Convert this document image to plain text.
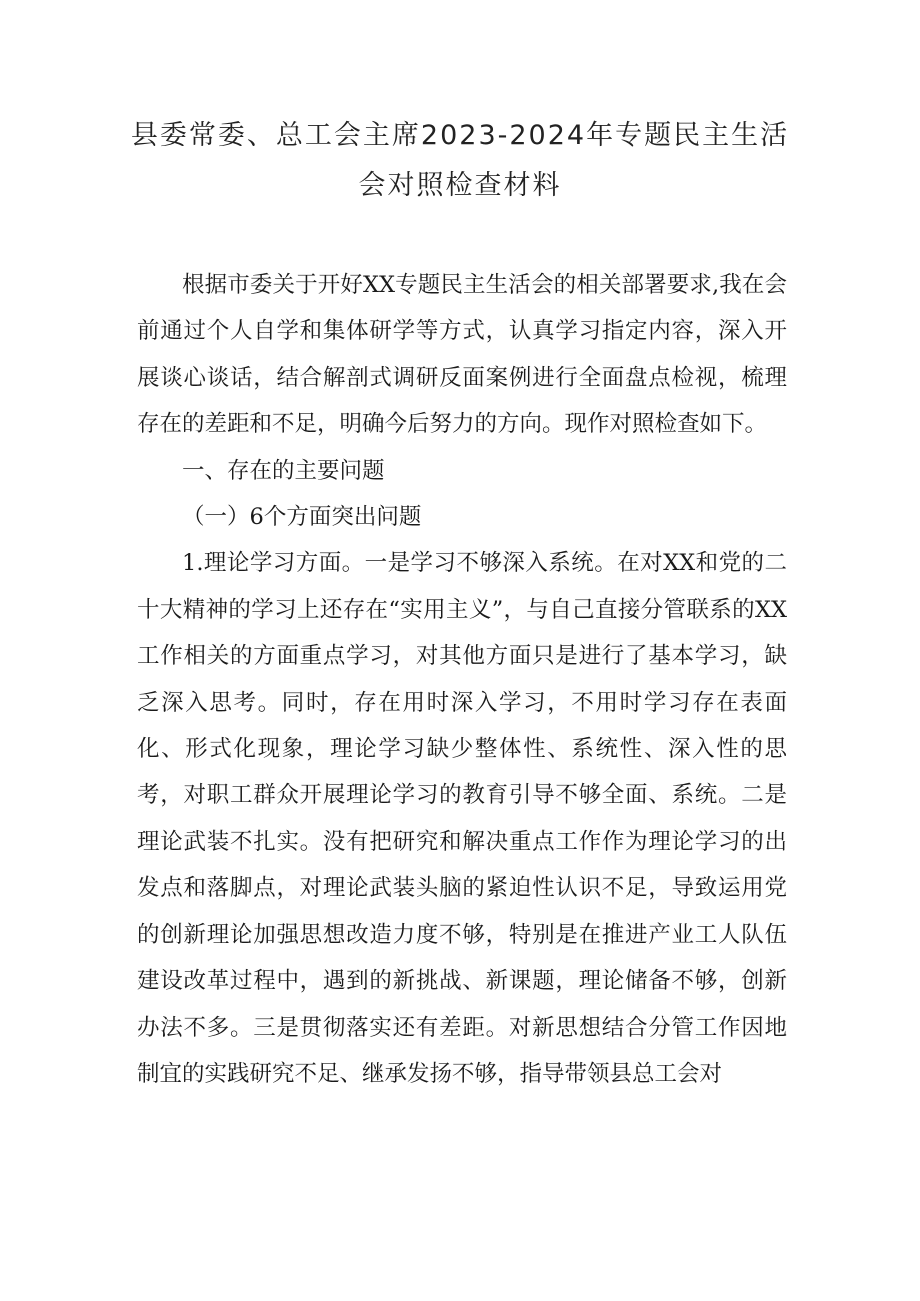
县委常委、总工会主席2023-2024年专题民主生活
会对照检查材料

根据市委关于开好XX专题民主生活会的相关部署要求,我在会前通过个人自学和集体研学等方式，认真学习指定内容，深入开展谈心谈话，结合解剖式调研反面案例进行全面盘点检视，梳理存在的差距和不足，明确今后努力的方向。现作对照检查如下。

一、存在的主要问题

（一）6个方面突出问题

1.理论学习方面。一是学习不够深入系统。在对XX和党的二十大精神的学习上还存在“实用主义”，与自己直接分管联系的XX工作相关的方面重点学习，对其他方面只是进行了基本学习，缺乏深入思考。同时，存在用时深入学习，不用时学习存在表面化、形式化现象，理论学习缺少整体性、系统性、深入性的思考，对职工群众开展理论学习的教育引导不够全面、系统。二是理论武装不扎实。没有把研究和解决重点工作作为理论学习的出发点和落脚点，对理论武装头脑的紧迫性认识不足，导致运用党的创新理论加强思想改造力度不够，特别是在推进产业工人队伍建设改革过程中，遇到的新挑战、新课题，理论储备不够，创新办法不多。三是贯彻落实还有差距。对新思想结合分管工作因地制宜的实践研究不足、继承发扬不够，指导带领县总工会对
